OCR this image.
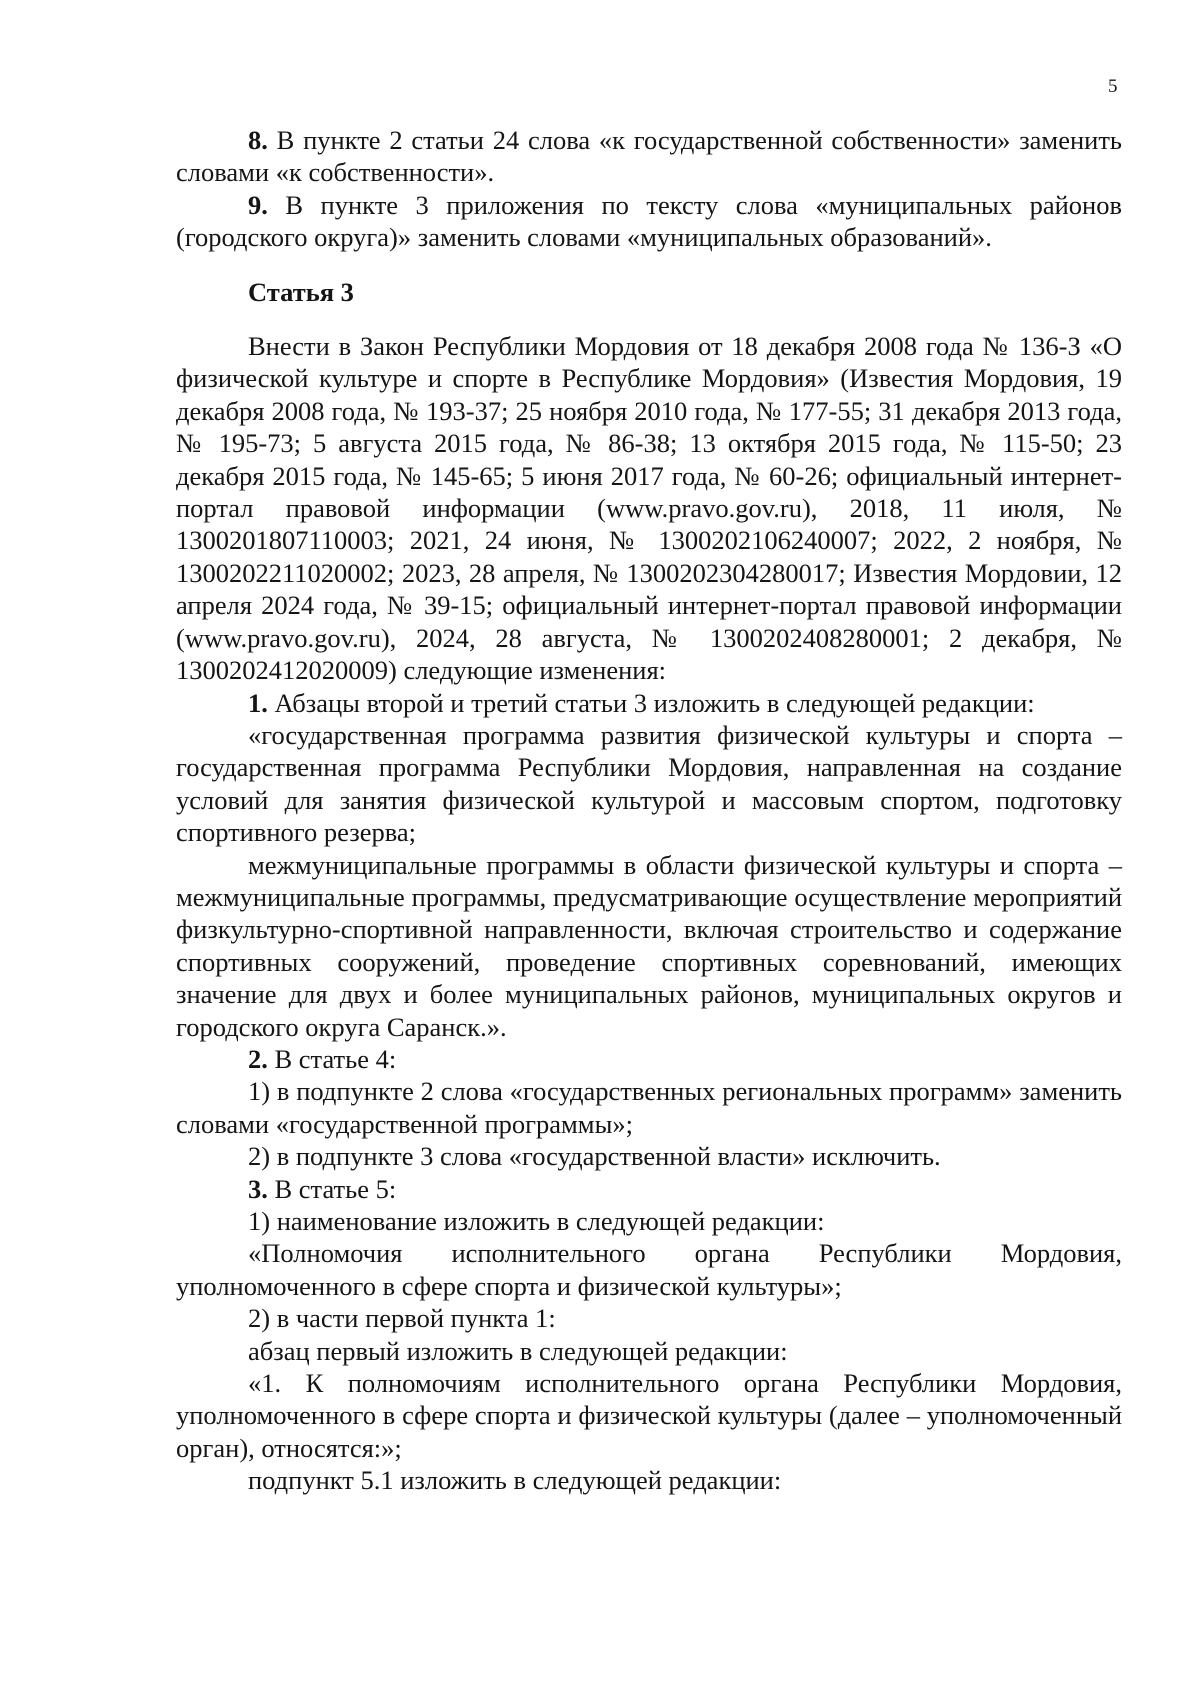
5

8. В пункте 2 статьи 24 слова «к государственной собственности» заменить словами «к собственности».

9. В пункте 3 приложения по тексту слова «муниципальных районов (городского округа)» заменить словами «муниципальных образований».

Статья 3

Внести в Закон Республики Мордовия от 18 декабря 2008 года № 136-З «О физической культуре и спорте в Республике Мордовия» (Известия Мордовия, 19 декабря 2008 года, № 193-37; 25 ноября 2010 года, № 177-55; 31 декабря 2013 года, № 195-73; 5 августа 2015 года, № 86-38; 13 октября 2015 года, № 115-50; 23 декабря 2015 года, № 145-65; 5 июня 2017 года, № 60-26; официальный интернет-портал правовой информации (www.pravo.gov.ru), 2018, 11 июля, № 1300201807110003; 2021, 24 июня, № 1300202106240007; 2022, 2 ноября, № 1300202211020002; 2023, 28 апреля, № 1300202304280017; Известия Мордовии, 12 апреля 2024 года, № 39-15; официальный интернет-портал правовой информации (www.pravo.gov.ru), 2024, 28 августа, № 1300202408280001; 2 декабря, № 1300202412020009) следующие изменения:

1. Абзацы второй и третий статьи 3 изложить в следующей редакции:

«государственная программа развития физической культуры и спорта – государственная программа Республики Мордовия, направленная на создание условий для занятия физической культурой и массовым спортом, подготовку спортивного резерва;

межмуниципальные программы в области физической культуры и спорта – межмуниципальные программы, предусматривающие осуществление мероприятий физкультурно-спортивной направленности, включая строительство и содержание спортивных сооружений, проведение спортивных соревнований, имеющих значение для двух и более муниципальных районов, муниципальных округов и городского округа Саранск.».

2. В статье 4:

1) в подпункте 2 слова «государственных региональных программ» заменить словами «государственной программы»;

2) в подпункте 3 слова «государственной власти» исключить.

3. В статье 5:

1) наименование изложить в следующей редакции:

«Полномочия исполнительного органа Республики Мордовия, уполномоченного в сфере спорта и физической культуры»;

2) в части первой пункта 1:

абзац первый изложить в следующей редакции:

«1. К полномочиям исполнительного органа Республики Мордовия, уполномоченного в сфере спорта и физической культуры (далее – уполномоченный орган), относятся:»;

подпункт 5.1 изложить в следующей редакции:
